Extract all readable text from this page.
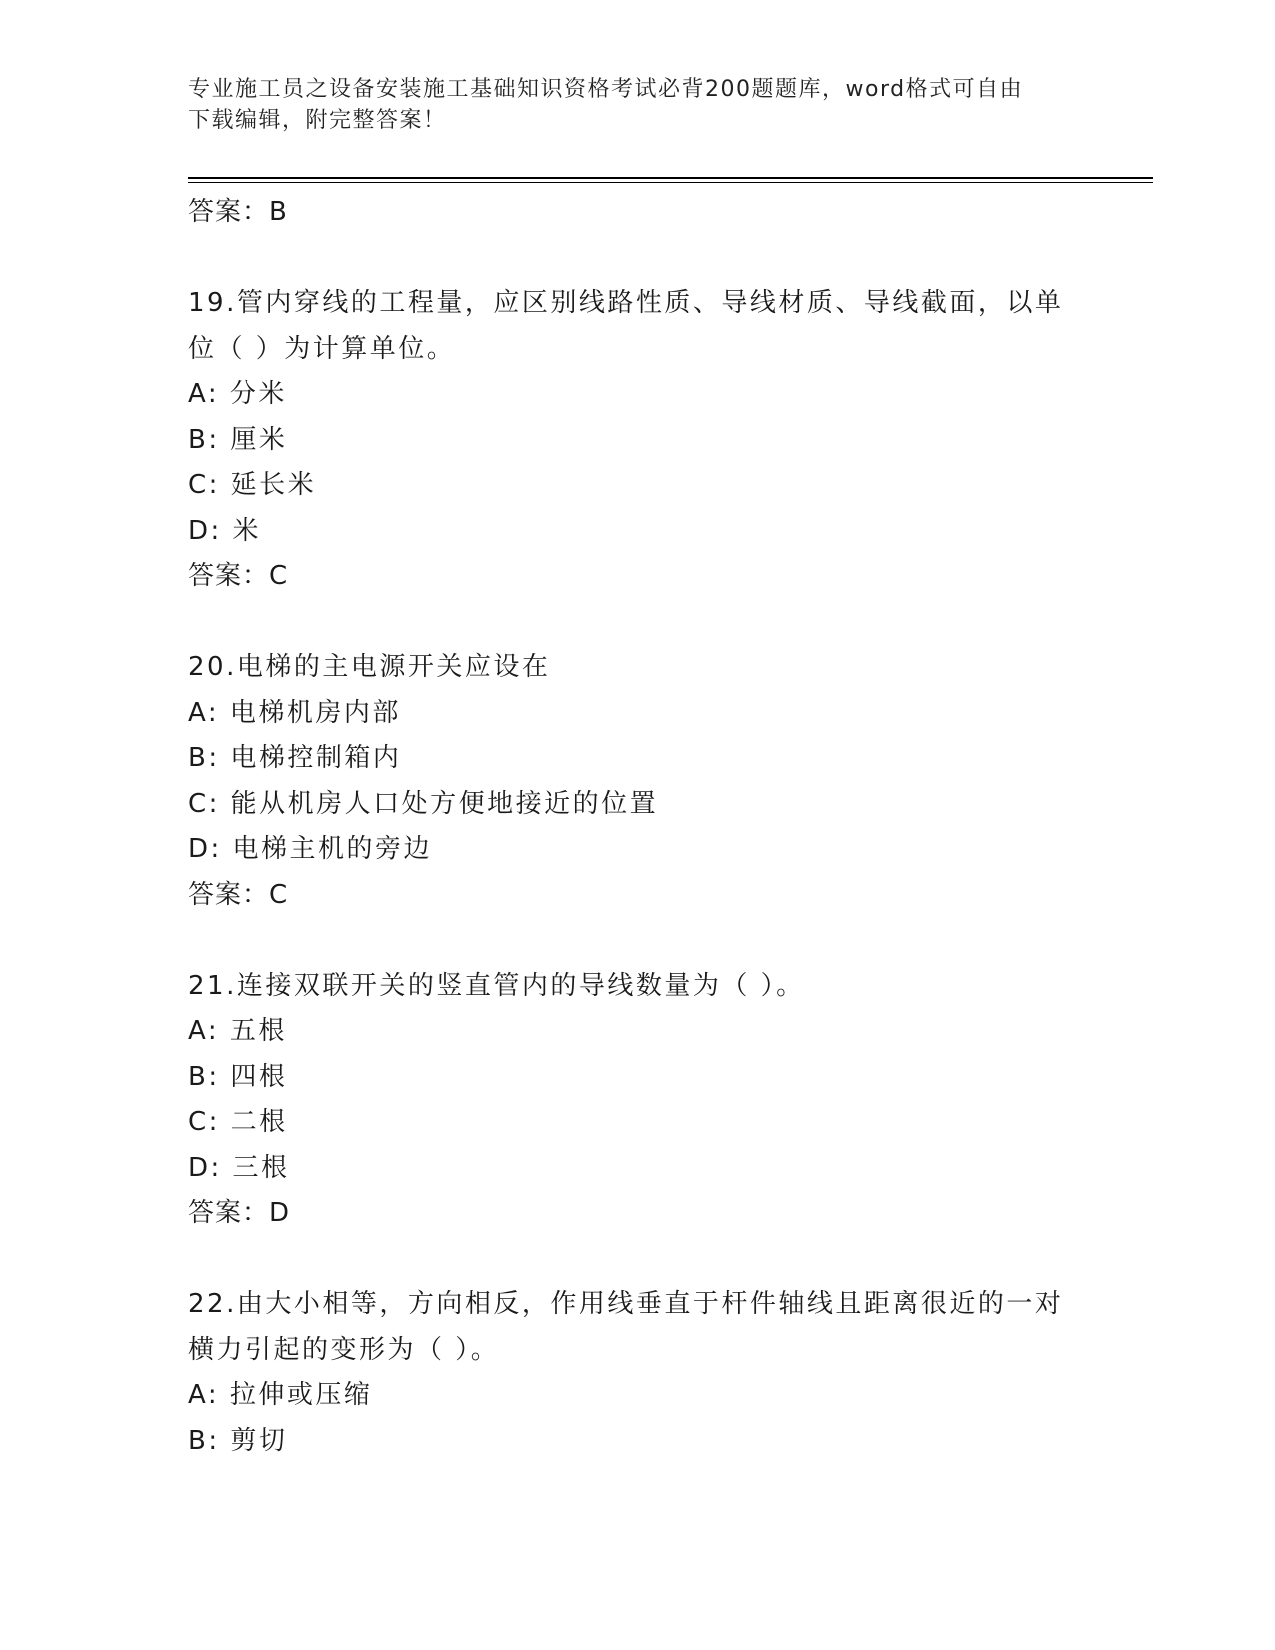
专业施工员之设备安装施工基础知识资格考试必背200题题库，word格式可自由
下载编辑，附完整答案！
答案：B
19.管内穿线的工程量，应区别线路性质、导线材质、导线截面，以单
位（ ）为计算单位。
A: 分米
B: 厘米
C: 延长米
D: 米
答案：C
20.电梯的主电源开关应设在
A: 电梯机房内部
B: 电梯控制箱内
C: 能从机房人口处方便地接近的位置
D: 电梯主机的旁边
答案：C
21.连接双联开关的竖直管内的导线数量为（ ）。
A: 五根
B: 四根
C: 二根
D: 三根
答案：D
22.由大小相等，方向相反，作用线垂直于杆件轴线且距离很近的一对
横力引起的变形为（ ）。
A: 拉伸或压缩
B: 剪切
